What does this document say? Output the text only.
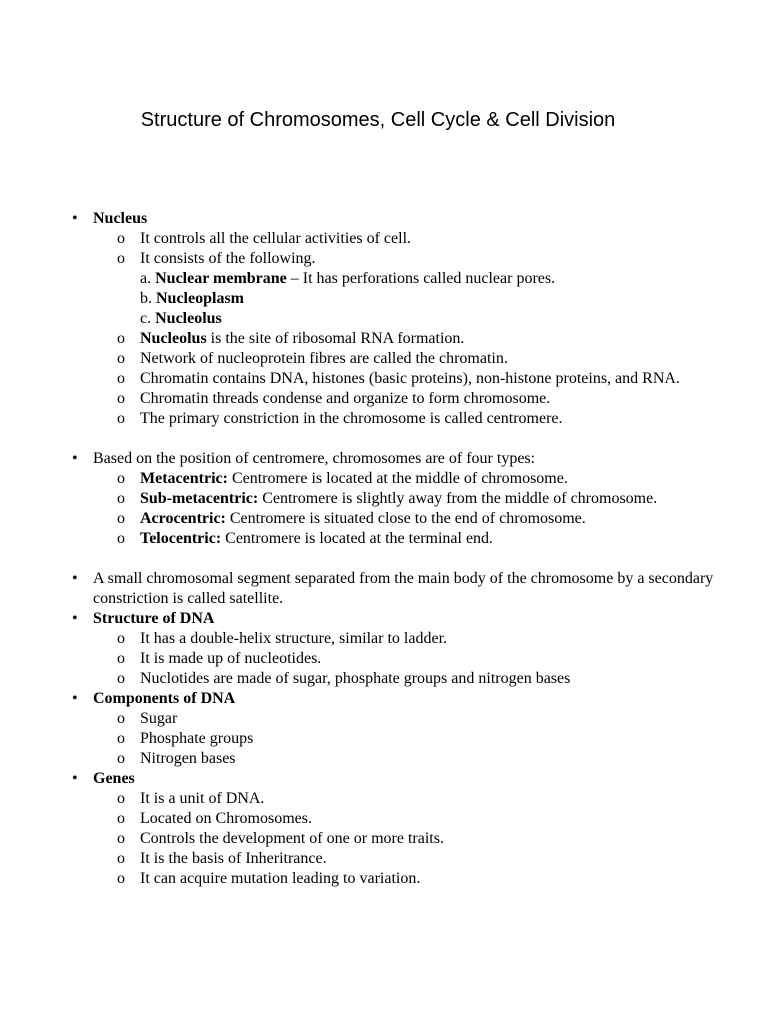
Structure of Chromosomes, Cell Cycle & Cell Division
• Nucleus
o It controls all the cellular activities of cell.
o It consists of the following.
a. Nuclear membrane – It has perforations called nuclear pores.
b. Nucleoplasm
c. Nucleolus
o Nucleolus is the site of ribosomal RNA formation.
o Network of nucleoprotein fibres are called the chromatin.
o Chromatin contains DNA, histones (basic proteins), non-histone proteins, and RNA.
o Chromatin threads condense and organize to form chromosome.
o The primary constriction in the chromosome is called centromere.
• Based on the position of centromere, chromosomes are of four types:
o Metacentric: Centromere is located at the middle of chromosome.
o Sub-metacentric: Centromere is slightly away from the middle of chromosome.
o Acrocentric: Centromere is situated close to the end of chromosome.
o Telocentric: Centromere is located at the terminal end.
• A small chromosomal segment separated from the main body of the chromosome by a secondary constriction is called satellite.
• Structure of DNA
o It has a double-helix structure, similar to ladder.
o It is made up of nucleotides.
o Nuclotides are made of sugar, phosphate groups and nitrogen bases
• Components of DNA
o Sugar
o Phosphate groups
o Nitrogen bases
• Genes
o It is a unit of DNA.
o Located on Chromosomes.
o Controls the development of one or more traits.
o It is the basis of Inheritrance.
o It can acquire mutation leading to variation.
